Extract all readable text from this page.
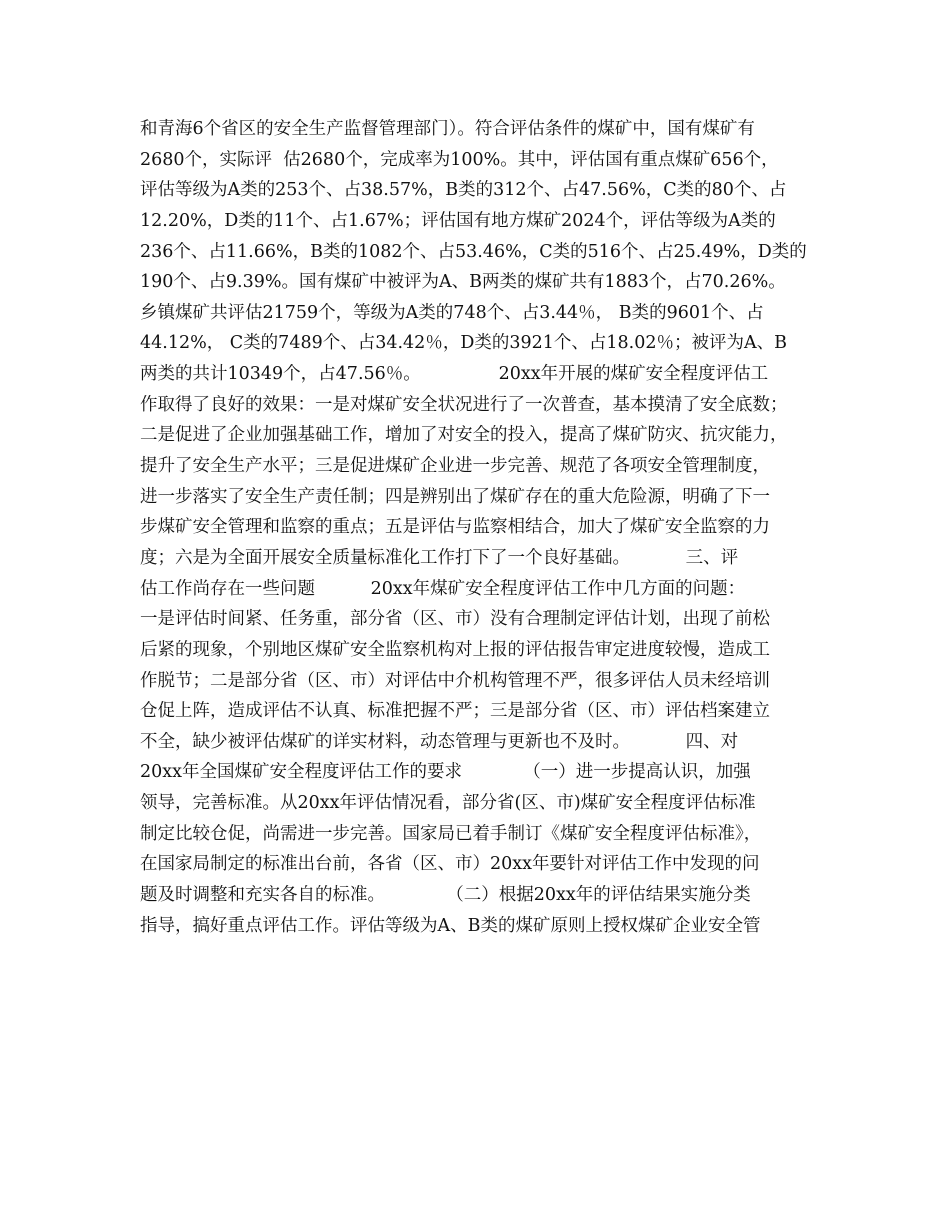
和青海6个省区的安全生产监督管理部门）。符合评估条件的煤矿中，国有煤矿有
2680个，实际评  估2680个，完成率为100%。其中，评估国有重点煤矿656个，
评估等级为A类的253个、占38.57%，B类的312个、占47.56%，C类的80个、占
12.20%，D类的11个、占1.67%；评估国有地方煤矿2024个，评估等级为A类的
236个、占11.66%，B类的1082个、占53.46%，C类的516个、占25.49%，D类的
190个、占9.39%。国有煤矿中被评为A、B两类的煤矿共有1883个，占70.26%。
乡镇煤矿共评估21759个，等级为A类的748个、占3.44％， B类的9601个、占
44.12%， C类的7489个、占34.42％，D类的3921个、占18.02％；被评为A、B
两类的共计10349个，占47.56％。              20xx年开展的煤矿安全程度评估工
作取得了良好的效果：一是对煤矿安全状况进行了一次普查，基本摸清了安全底数；
二是促进了企业加强基础工作，增加了对安全的投入，提高了煤矿防灾、抗灾能力，
提升了安全生产水平；三是促进煤矿企业进一步完善、规范了各项安全管理制度，
进一步落实了安全生产责任制；四是辨别出了煤矿存在的重大危险源，明确了下一
步煤矿安全管理和监察的重点；五是评估与监察相结合，加大了煤矿安全监察的力
度；六是为全面开展安全质量标准化工作打下了一个良好基础。          三、评
估工作尚存在一些问题          20xx年煤矿安全程度评估工作中几方面的问题：
一是评估时间紧、任务重，部分省（区、市）没有合理制定评估计划，出现了前松
后紧的现象，个别地区煤矿安全监察机构对上报的评估报告审定进度较慢，造成工
作脱节；二是部分省（区、市）对评估中介机构管理不严，很多评估人员未经培训
仓促上阵，造成评估不认真、标准把握不严；三是部分省（区、市）评估档案建立
不全，缺少被评估煤矿的详实材料，动态管理与更新也不及时。          四、对
20xx年全国煤矿安全程度评估工作的要求           （一）进一步提高认识，加强
领导，完善标准。从20xx年评估情况看，部分省(区、市)煤矿安全程度评估标准
制定比较仓促，尚需进一步完善。国家局已着手制订《煤矿安全程度评估标准》，
在国家局制定的标准出台前，各省（区、市）20xx年要针对评估工作中发现的问
题及时调整和充实各自的标准。           （二）根据20xx年的评估结果实施分类
指导，搞好重点评估工作。评估等级为A、B类的煤矿原则上授权煤矿企业安全管
